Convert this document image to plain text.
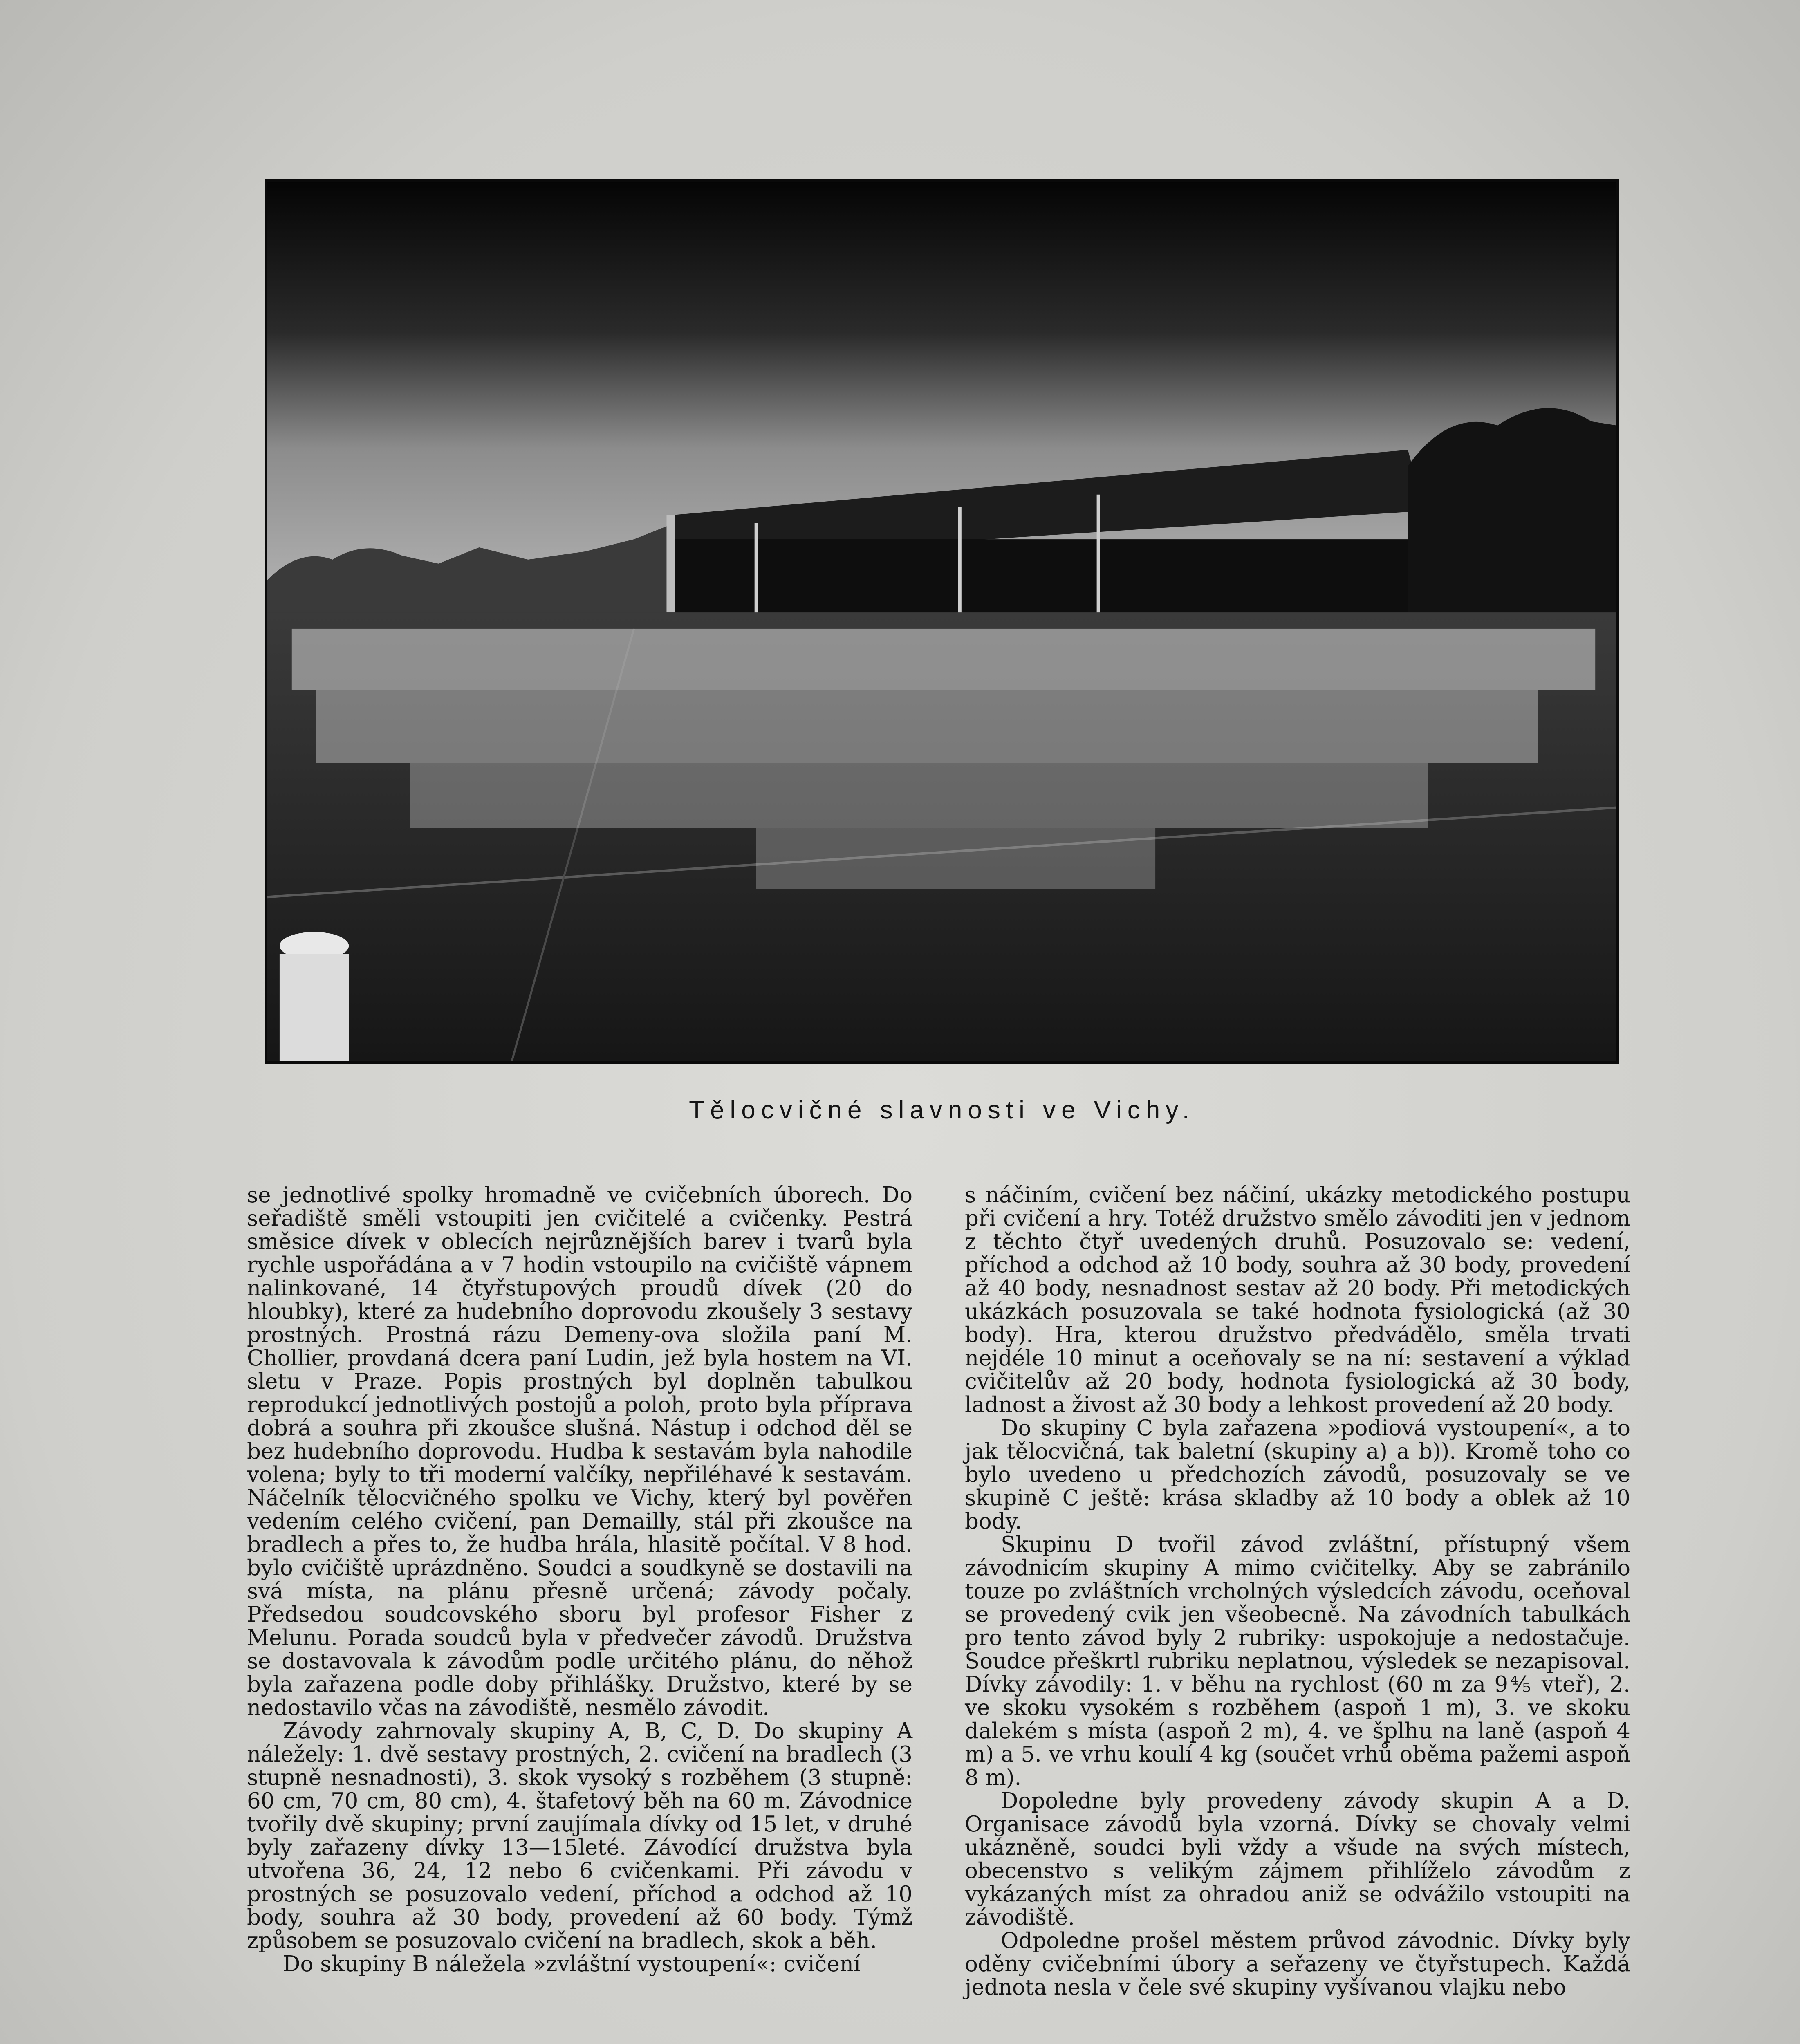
Tělocvičné slavnosti ve Vichy.

se jednotlivé spolky hromadně ve cvičebních úborech. Do seřadiště směli vstoupiti jen cvičitelé a cvičenky. Pestrá směsice dívek v oblecích nejrůznějších barev i tvarů byla rychle uspořádána a v 7 hodin vstoupilo na cvičiště vápnem nalinkované, 14 čtyřstupových proudů dívek (20 do hloubky), které za hudebního doprovodu zkoušely 3 sestavy prostných. Prostná rázu Demeny-ova složila paní M. Chollier, provdaná dcera paní Ludin, jež byla hostem na VI. sletu v Praze. Popis prostných byl doplněn tabulkou reprodukcí jednotlivých postojů a poloh, proto byla příprava dobrá a souhra při zkoušce slušná. Nástup i odchod děl se bez hudebního doprovodu. Hudba k sestavám byla nahodile volena; byly to tři moderní valčíky, nepřiléhavé k sestavám. Náčelník tělocvičného spolku ve Vichy, který byl pověřen vedením celého cvičení, pan Demailly, stál při zkoušce na bradlech a přes to, že hudba hrála, hlasitě počítal. V 8 hod. bylo cvičiště uprázdněno. Soudci a soudkyně se dostavili na svá místa, na plánu přesně určená; závody počaly. Předsedou soudcovského sboru byl profesor Fisher z Melunu. Porada soudců byla v předvečer závodů. Družstva se dostavovala k závodům podle určitého plánu, do něhož byla zařazena podle doby přihlášky. Družstvo, které by se nedostavilo včas na závodiště, nesmělo závodit.

Závody zahrnovaly skupiny A, B, C, D. Do skupiny A náležely: 1. dvě sestavy prostných, 2. cvičení na bradlech (3 stupně nesnadnosti), 3. skok vysoký s rozběhem (3 stupně: 60 cm, 70 cm, 80 cm), 4. štafetový běh na 60 m. Závodnice tvořily dvě skupiny; první zaujímala dívky od 15 let, v druhé byly zařazeny dívky 13—15leté. Závodící družstva byla utvořena 36, 24, 12 nebo 6 cvičenkami. Při závodu v prostných se posuzovalo vedení, příchod a odchod až 10 body, souhra až 30 body, provedení až 60 body. Týmž způsobem se posuzovalo cvičení na bradlech, skok a běh.

Do skupiny B náležela »zvláštní vystoupení«: cvičení

s náčiním, cvičení bez náčiní, ukázky metodického postupu při cvičení a hry. Totéž družstvo smělo závoditi jen v jednom z těchto čtyř uvedených druhů. Posuzovalo se: vedení, příchod a odchod až 10 body, souhra až 30 body, provedení až 40 body, nesnadnost sestav až 20 body. Při metodických ukázkách posuzovala se také hodnota fysiologická (až 30 body). Hra, kterou družstvo předvádělo, směla trvati nejdéle 10 minut a oceňovaly se na ní: sestavení a výklad cvičitelův až 20 body, hodnota fysiologická až 30 body, ladnost a živost až 30 body a lehkost provedení až 20 body.

Do skupiny C byla zařazena »podiová vystoupení«, a to jak tělocvičná, tak baletní (skupiny a) a b)). Kromě toho co bylo uvedeno u předchozích závodů, posuzovaly se ve skupině C ještě: krása skladby až 10 body a oblek až 10 body.

Skupinu D tvořil závod zvláštní, přístupný všem závodnicím skupiny A mimo cvičitelky. Aby se zabránilo touze po zvláštních vrcholných výsledcích závodu, oceňoval se provedený cvik jen všeobecně. Na závodních tabulkách pro tento závod byly 2 rubriky: uspokojuje a nedostačuje. Soudce přeškrtl rubriku neplatnou, výsledek se nezapisoval. Dívky závodily: 1. v běhu na rychlost (60 m za 9⅘ vteř), 2. ve skoku vysokém s rozběhem (aspoň 1 m), 3. ve skoku dalekém s místa (aspoň 2 m), 4. ve šplhu na laně (aspoň 4 m) a 5. ve vrhu koulí 4 kg (součet vrhů oběma pažemi aspoň 8 m).

Dopoledne byly provedeny závody skupin A a D. Organisace závodů byla vzorná. Dívky se chovaly velmi ukázněně, soudci byli vždy a všude na svých místech, obecenstvo s velikým zájmem přihlíželo závodům z vykázaných míst za ohradou aniž se odvážilo vstoupiti na závodiště.

Odpoledne prošel městem průvod závodnic. Dívky byly oděny cvičebními úbory a seřazeny ve čtyřstupech. Každá jednota nesla v čele své skupiny vyšívanou vlajku nebo
